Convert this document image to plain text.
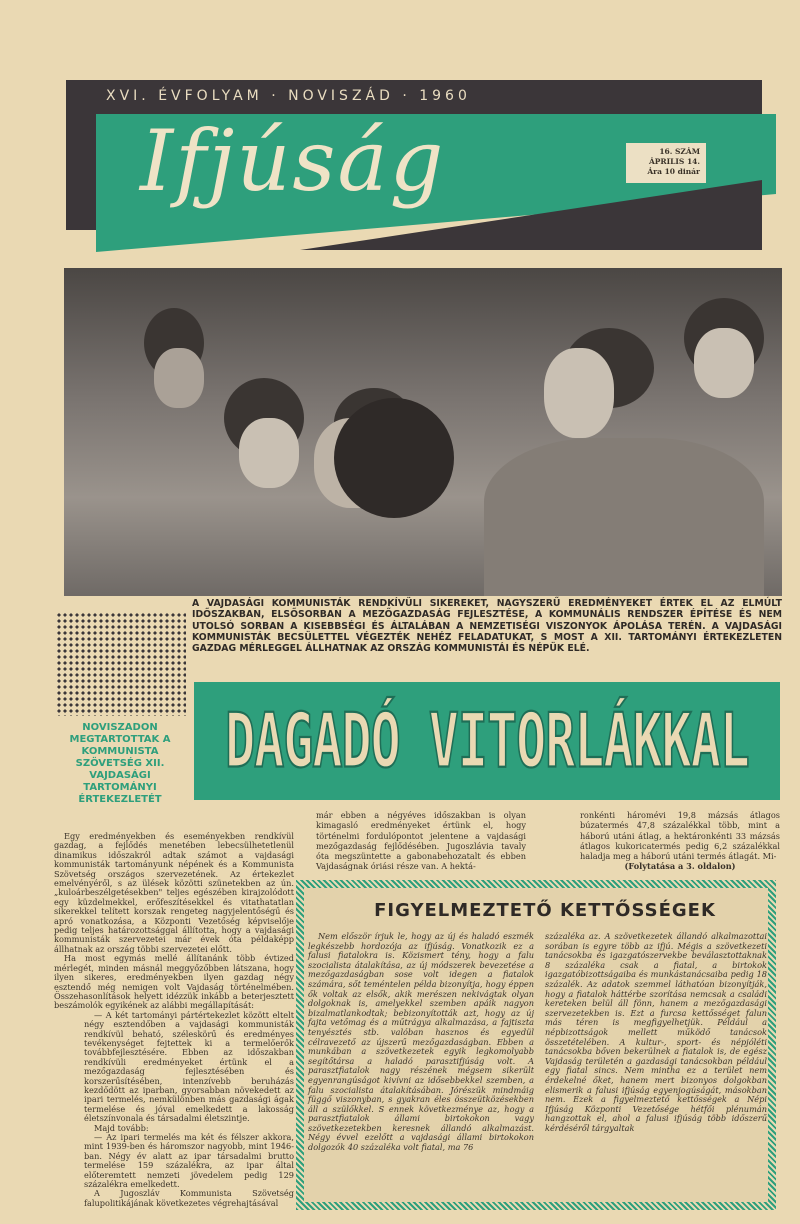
XVI. ÉVFOLYAM · NOVISZÁD · 1960
Ifjúság	16. SZÁM
ÁPRILIS 14.
Ára 10 dinár
A VAJDASÁGI KOMMUNISTÁK RENDKÍVÜLI SIKEREKET, NAGYSZERŰ EREDMÉNYEKET ÉRTEK EL AZ ELMÚLT IDŐSZAKBAN, ELSŐSORBAN A MEZŐGAZDASÁG FEJLESZTÉSE, A KOMMUNÁLIS RENDSZER ÉPÍTÉSE ÉS NEM UTOLSÓ SORBAN A KISEBBSÉGI ÉS ÁLTALÁBAN A NEMZETISÉGI VISZONYOK ÁPOLÁSA TERÉN. A VAJDASÁGI KOMMUNISTÁK BECSÜLETTEL VÉGEZTÉK NEHÉZ FELADATUKAT, S MOST A XII. TARTOMÁNYI ÉRTEKEZLETEN GAZDAG MÉRLEGGEL ÁLLHATNAK AZ ORSZÁG KOMMUNISTÁI ÉS NÉPÜK ELÉ.
DAGADÓ VITORLÁKKAL
NOVISZADON MEGTARTOTTAK A KOMMUNISTA SZÖVETSÉG XII. VAJDASÁGI TARTOMÁNYI ÉRTEKEZLETÉT

Egy eredményekben és eseményekben rendkívül gazdag, a fejlődés menetében lebecsülhetetlenül dinamikus időszakról adtak számot a vajdasági kommunisták tartományunk népének és a Kommunista Szövetség országos szervezetének. Az értekezlet emelvényéről, s az ülések közötti szünetekben az ún. „kuloárbeszélgetésekben" teljes egészében kirajzolódott egy küzdelmekkel, erőfeszítésekkel és vitathatatlan sikerekkel telített korszak rengeteg nagyjelentőségű és apró vonatkozása, a Központi Vezetőség képviselője pedig teljes határozottsággal állította, hogy a vajdasági kommunisták szervezetei már évek óta példaképp állhatnak az ország többi szervezetei előtt.

Ha most egymás mellé állítanánk több évtized mérlegét, minden másnál meggyőzőbben látszana, hogy ilyen sikeres, eredményekben ilyen gazdag négy esztendő még nemigen volt Vajdaság történelmében. Összehasonlítások helyett idézzük inkább a beterjesztett beszámolók egyikének az alábbi megállapítását:

— A két tartományi pártértekezlet között eltelt négy esztendőben a vajdasági kommunisták rendkívül beható, széleskörű és eredményes tevékenységet fejtettek ki a termelőerők továbbfejlesztésére. Ebben az időszakban rendkívüli eredményeket értünk el a mezőgazdaság fejlesztésében és korszerűsítésében, intenzívebb beruházás kezdődött az iparban, gyorsabban növekedett az ipari termelés, nemkülönben más gazdasági ágak termelése és jóval emelkedett a lakosság életszínvonala és társadalmi életszintje.

Majd tovább:

— Az ipari termelés ma két és félszer akkora, mint 1939-ben és háromszor nagyobb, mint 1946-ban. Négy év alatt az ipar társadalmi brutto termelése 159 százalékra, az ipar által előteremtett nemzeti jövedelem pedig 129 százalékra emelkedett.

A Jugoszláv Kommunista Szövetség falupolitikájának következetes végrehajtásával

már ebben a négyéves időszakban is olyan kimagasló eredményeket értünk el, hogy történelmi fordulópontot jelentene a vajdasági mezőgazdaság fejlődésében. Jugoszlávia tavaly óta megszüntette a gabonabehozatalt és ebben Vajdaságnak óriási része van. A hektá-

ronkénti háromévi 19,8 mázsás átlagos búzatermés 47,8 százalékkal több, mint a háború utáni átlag, a hektáronkénti 33 mázsás átlagos kukoricatermés pedig 6,2 százalékkal haladja meg a háború utáni termés átlagát. Mi-

(Folytatása a 3. oldalon)
FIGYELMEZTETŐ KETTŐSSÉGEK

Nem először írjuk le, hogy az új és haladó eszmék legkészebb hordozója az ifjúság. Vonatkozik ez a falusi fiatalokra is. Közismert tény, hogy a falu szocialista átalakítása, az új módszerek bevezetése a mezőgazdaságban sose volt idegen a fiatalok számára, sőt teméntelen példa bizonyítja, hogy éppen ők voltak az elsők, akik merészen nekivágtak olyan dolgoknak is, amelyekkel szemben apáik nagyon bizalmatlankodtak; bebizonyították azt, hogy az új fajta vetőmag és a műtrágya alkalmazása, a fajtiszta tenyésztés stb. valóban hasznos és egyedül célravezető az újszerű mezőgazdaságban. Ebben a munkában a szövetkezetek egyik legkomolyabb segítőtársa a haladó parasztifjúság volt. A parasztfiatalok nagy részének mégsem sikerült egyenrangúságot kivívni az idősebbekkel szemben, a falu szocialista átalakításában. Jórészük mindmáig függő viszonyban, s gyakran éles összeütközésekben áll a szülőkkel. S ennek következménye az, hogy a parasztfiatalok állami birtokokon vagy szövetkezetekben keresnek állandó alkalmazást. Négy évvel ezelőtt a vajdasági állami birtokokon dolgozók 40 százaléka volt fiatal, ma 76

százaléka az. A szövetkezetek állandó alkalmazottai sorában is egyre több az ifjú. Mégis a szövetkezeti tanácsokba és igazgatószervekbe beválasztottaknak 8 százaléka csak a fiatal, a birtokok igazgatóbizottságaiba és munkástanácsaiba pedig 18 százalék. Az adatok szemmel láthatóan bizonyítják, hogy a fiatalok háttérbe szorítása nemcsak a családi kereteken belül áll fönn, hanem a mezőgazdasági szervezetekben is. Ezt a furcsa kettősséget falun más téren is megfigyelhetjük. Például a népbizottságok mellett működő tanácsok összetételében. A kultur-, sport- és népjóléti tanácsokba bőven bekerülnek a fiatalok is, de egész Vajdaság területén a gazdasági tanácsokban például egy fiatal sincs. Nem mintha ez a terület nem érdekelné őket, hanem mert bizonyos dolgokban elismerik a falusi ifjúság egyenjogúságát, másokban nem. Ezek a figyelmeztető kettősségek a Népi Ifjúság Központi Vezetősége hétfői plénumán hangzottak el, ahol a falusi ifjúság több időszerű kérdéséről tárgyaltak
